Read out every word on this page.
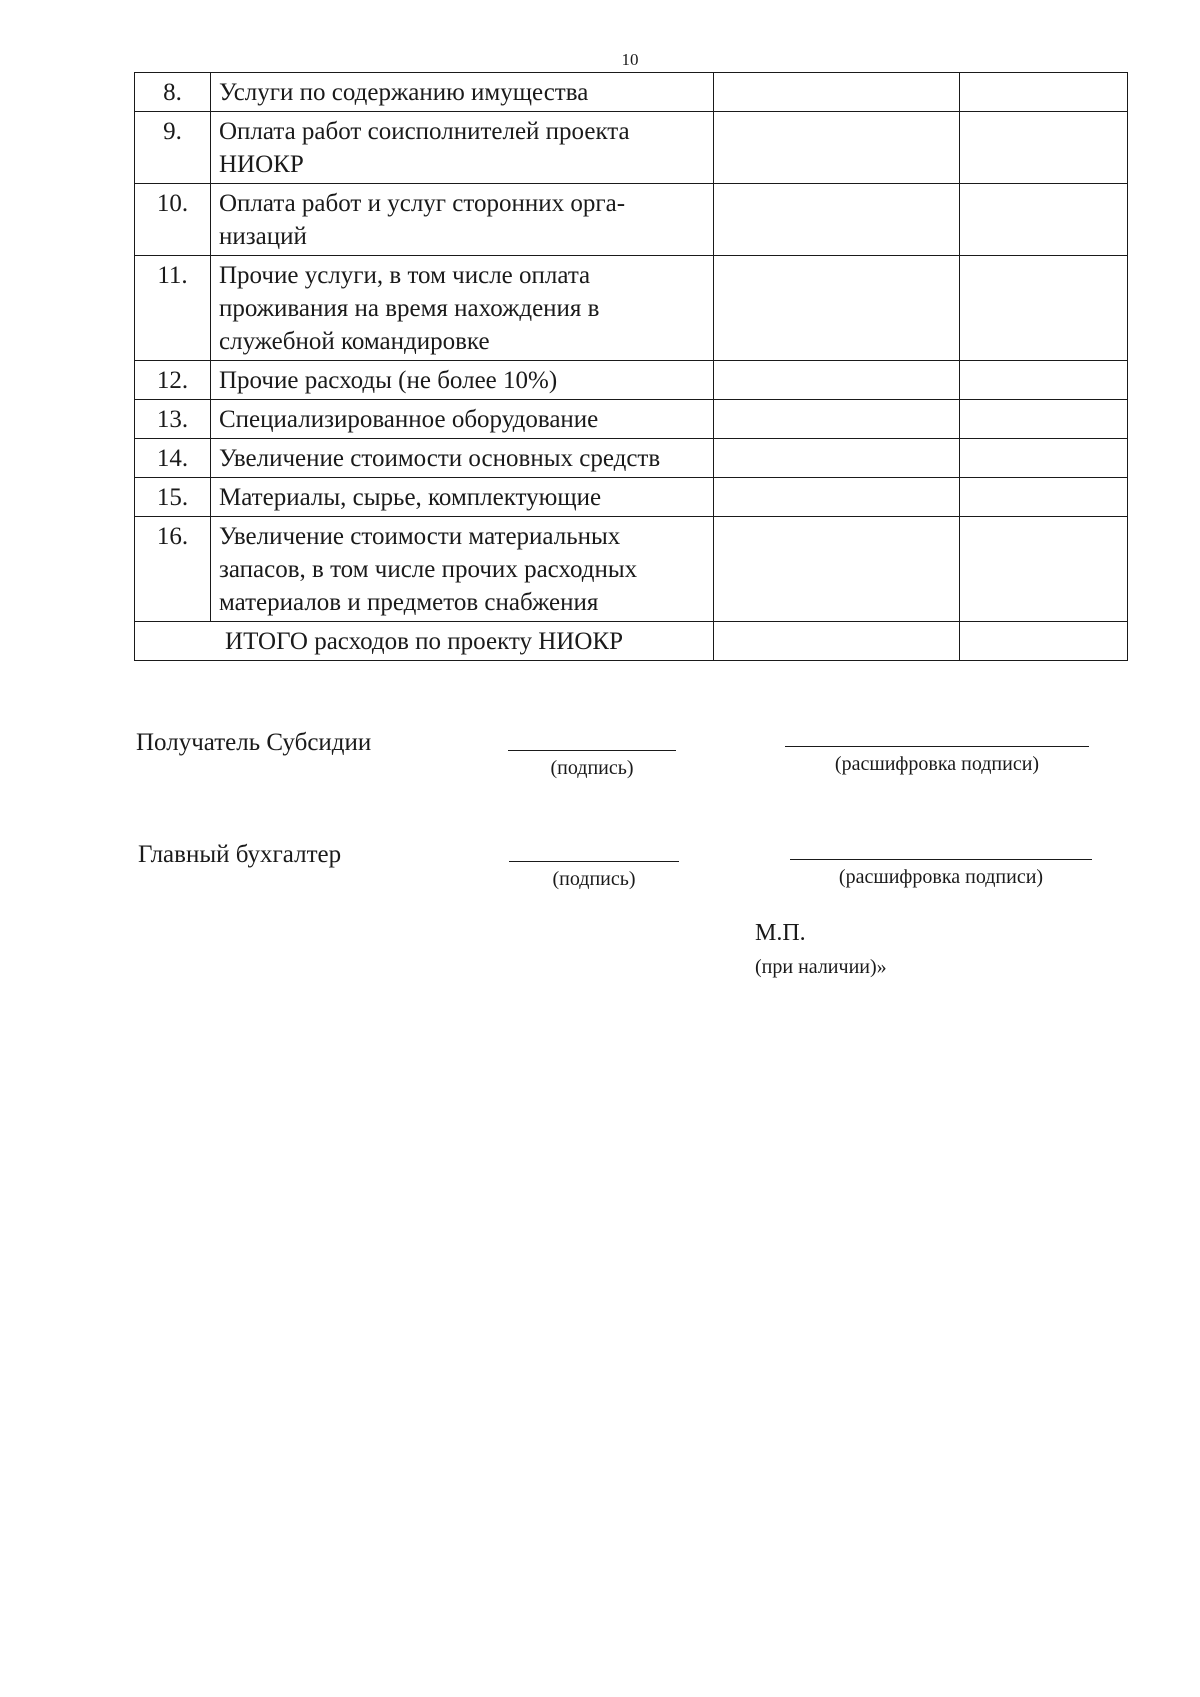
10
8.	Услуги по содержанию имущества		
9.	Оплата работ соисполнителей проекта НИОКР		
10.	Оплата работ и услуг сторонних орга-низаций		
11.	Прочие услуги, в том числе оплата проживания на время нахождения в служебной командировке		
12.	Прочие расходы (не более 10%)		
13.	Специализированное оборудование		
14.	Увеличение стоимости основных средств		
15.	Материалы, сырье, комплектующие		
16.	Увеличение стоимости материальных запасов, в том числе прочих расходных материалов и предметов снабжения		
ИТОГО расходов по проекту НИОКР			
Получатель Субсидии
(подпись)	(расшифровка подписи)
Главный бухгалтер
(подпись)	(расшифровка подписи)
М.П.
(при наличии)»
